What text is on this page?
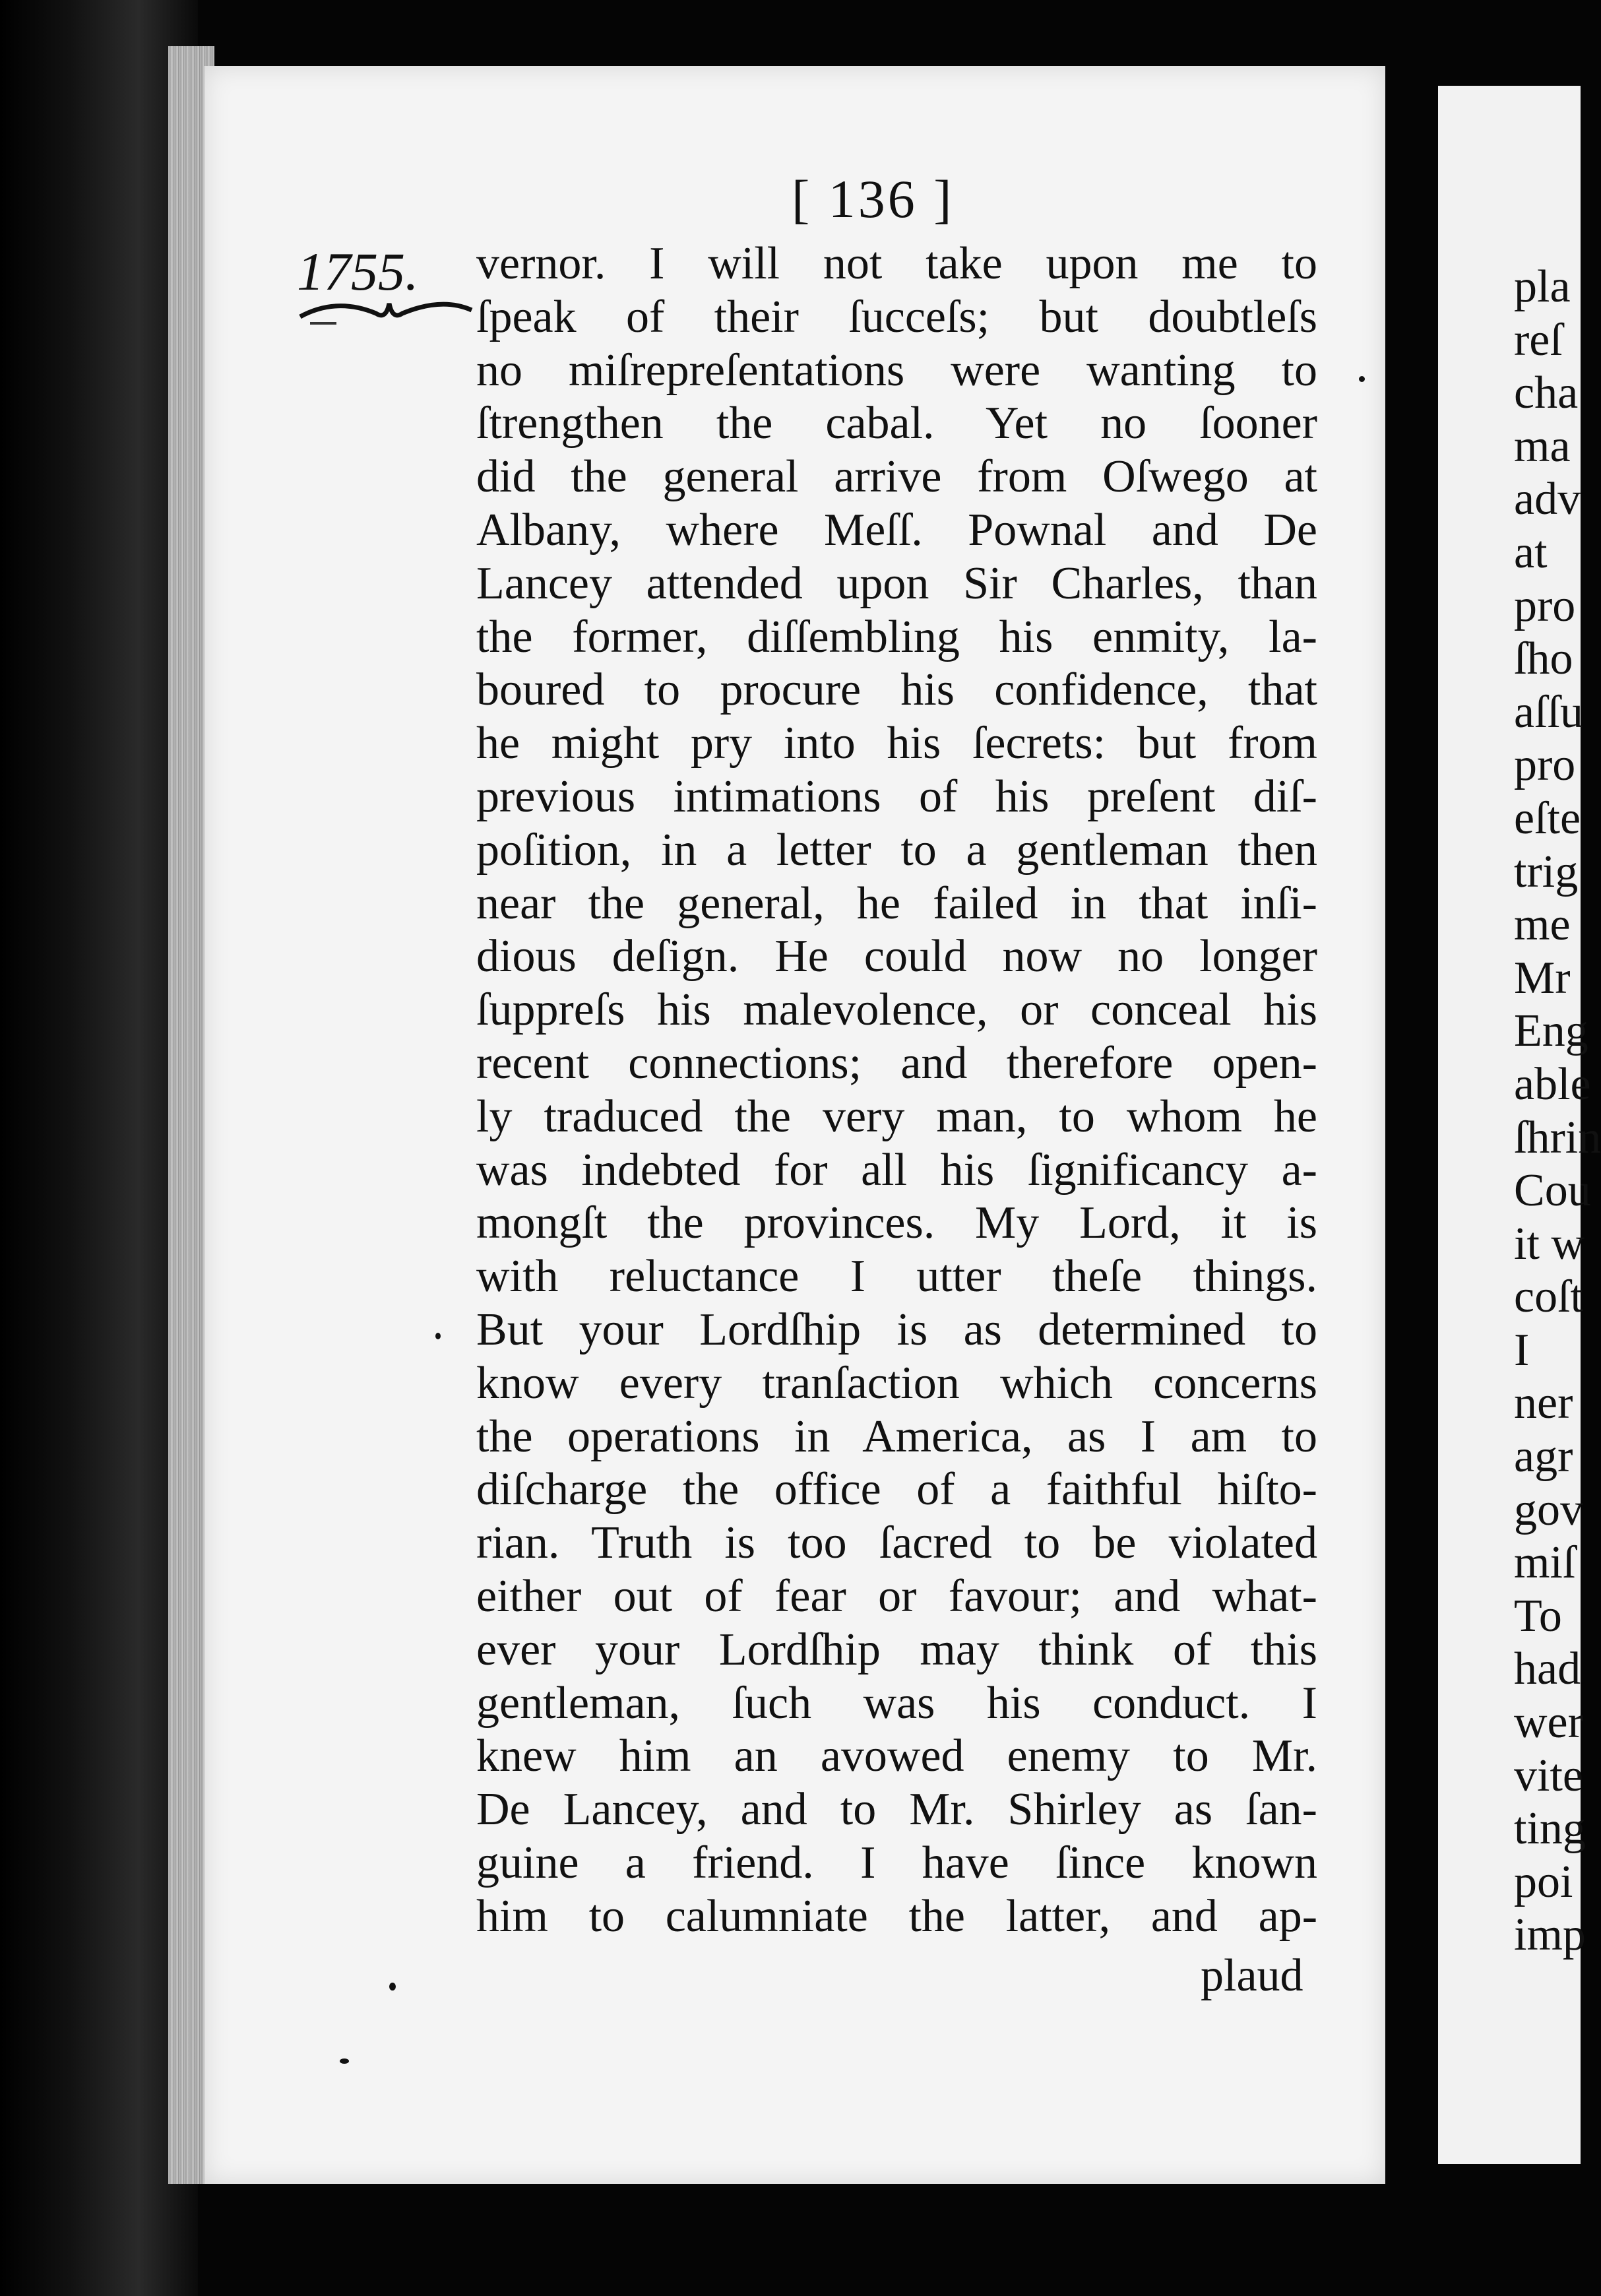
[ 136 ]
1755. vernor. I will not take upon me to
ſpeak of their ſucceſs; but doubtleſs
no miſrepreſentations were wanting to
ſtrengthen the cabal. Yet no ſooner
did the general arrive from Oſwego at
Albany, where Meſſ. Pownal and De
Lancey attended upon Sir Charles, than
the former, diſſembling his enmity, la-
boured to procure his confidence, that
he might pry into his ſecrets: but from
previous intimations of his preſent diſ-
poſition, in a letter to a gentleman then
near the general, he failed in that inſi-
dious deſign. He could now no longer
ſuppreſs his malevolence, or conceal his
recent connections; and therefore open-
ly traduced the very man, to whom he
was indebted for all his ſignificancy a-
mongſt the provinces. My Lord, it is
with reluctance I utter theſe things.
But your Lordſhip is as determined to
know every tranſaction which concerns
the operations in America, as I am to
diſcharge the office of a faithful hiſto-
rian. Truth is too ſacred to be violated
either out of fear or favour; and what-
ever your Lordſhip may think of this
gentleman, ſuch was his conduct. I
knew him an avowed enemy to Mr.
De Lancey, and to Mr. Shirley as ſan-
guine a friend. I have ſince known
him to calumniate the latter, and ap-
plaud
pla
reſ
cha
ma
adv
at
pro
ſho
aſſu
pro
eſte
trig
me
Mr
Eng
able
ſhrin
Cou
it w
coſt
I
ner
agr
gov
miſ
To
had
wer
vite
ting
poi
imp
